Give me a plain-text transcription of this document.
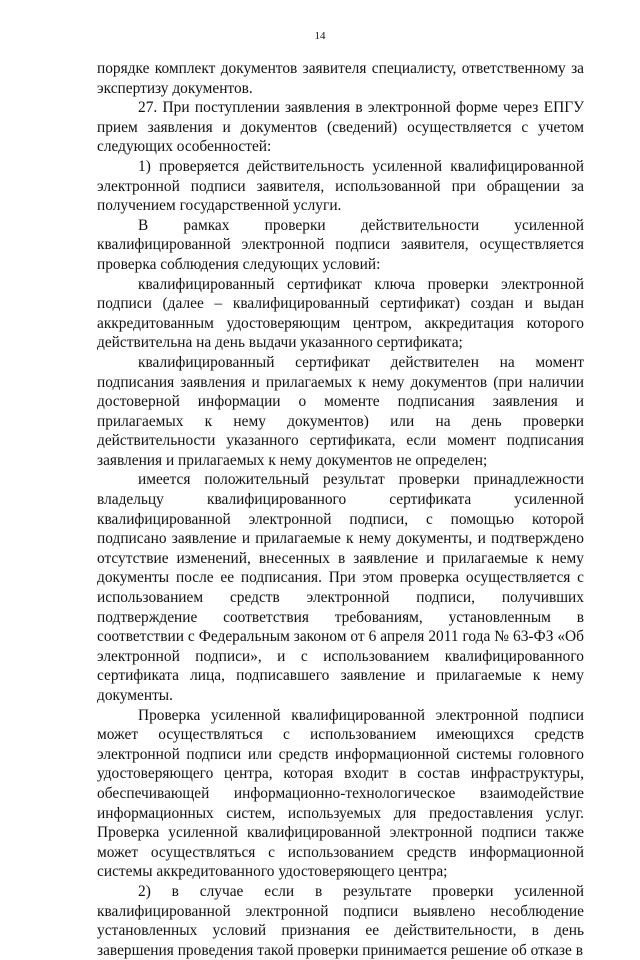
14

порядке комплект документов заявителя специалисту, ответственному за экспертизу документов.

27. При поступлении заявления в электронной форме через ЕПГУ прием заявления и документов (сведений) осуществляется с учетом следующих особенностей:

1) проверяется действительность усиленной квалифицированной электронной подписи заявителя, использованной при обращении за получением государственной услуги.

В рамках проверки действительности усиленной квалифицированной электронной подписи заявителя, осуществляется проверка соблюдения следующих условий:

квалифицированный сертификат ключа проверки электронной подписи (далее – квалифицированный сертификат) создан и выдан аккредитованным удостоверяющим центром, аккредитация которого действительна на день выдачи указанного сертификата;

квалифицированный сертификат действителен на момент подписания заявления и прилагаемых к нему документов (при наличии достоверной информации о моменте подписания заявления и прилагаемых к нему документов) или на день проверки действительности указанного сертификата, если момент подписания заявления и прилагаемых к нему документов не определен;

имеется положительный результат проверки принадлежности владельцу квалифицированного сертификата усиленной квалифицированной электронной подписи, с помощью которой подписано заявление и прилагаемые к нему документы, и подтверждено отсутствие изменений, внесенных в заявление и прилагаемые к нему документы после ее подписания. При этом проверка осуществляется с использованием средств электронной подписи, получивших подтверждение соответствия требованиям, установленным в соответствии с Федеральным законом от 6 апреля 2011 года № 63-ФЗ «Об электронной подписи», и с использованием квалифицированного сертификата лица, подписавшего заявление и прилагаемые к нему документы.

Проверка усиленной квалифицированной электронной подписи может осуществляться с использованием имеющихся средств электронной подписи или средств информационной системы головного удостоверяющего центра, которая входит в состав инфраструктуры, обеспечивающей информационно-технологическое взаимодействие информационных систем, используемых для предоставления услуг. Проверка усиленной квалифицированной электронной подписи также может осуществляться с использованием средств информационной системы аккредитованного удостоверяющего центра;

2) в случае если в результате проверки усиленной квалифицированной электронной подписи выявлено несоблюдение установленных условий признания ее действительности, в день завершения проведения такой проверки принимается решение об отказе в
